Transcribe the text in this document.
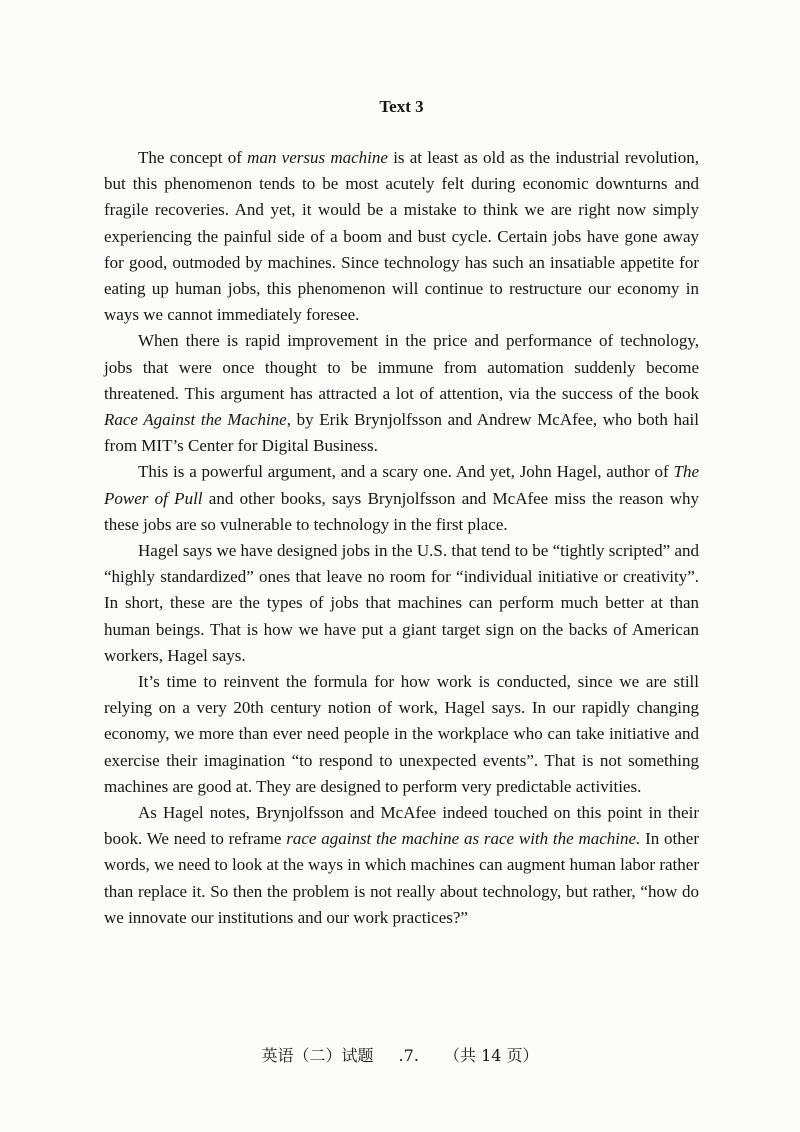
Text 3

The concept of man versus machine is at least as old as the industrial revolution, but this phenomenon tends to be most acutely felt during economic downturns and fragile recoveries. And yet, it would be a mistake to think we are right now simply experiencing the painful side of a boom and bust cycle. Certain jobs have gone away for good, outmoded by machines. Since technology has such an insatiable appetite for eating up human jobs, this phenomenon will continue to restructure our economy in ways we cannot immediately foresee.

When there is rapid improvement in the price and performance of technology, jobs that were once thought to be immune from automation suddenly become threatened. This argument has attracted a lot of attention, via the success of the book Race Against the Machine, by Erik Brynjolfsson and Andrew McAfee, who both hail from MIT’s Center for Digital Business.

This is a powerful argument, and a scary one. And yet, John Hagel, author of The Power of Pull and other books, says Brynjolfsson and McAfee miss the reason why these jobs are so vulnerable to technology in the first place.

Hagel says we have designed jobs in the U.S. that tend to be “tightly scripted” and “highly standardized” ones that leave no room for “individual initiative or creativity”. In short, these are the types of jobs that machines can perform much better at than human beings. That is how we have put a giant target sign on the backs of American workers, Hagel says.

It’s time to reinvent the formula for how work is conducted, since we are still relying on a very 20th century notion of work, Hagel says. In our rapidly changing economy, we more than ever need people in the workplace who can take initiative and exercise their imagination “to respond to unexpected events”. That is not something machines are good at. They are designed to perform very predictable activities.

As Hagel notes, Brynjolfsson and McAfee indeed touched on this point in their book. We need to reframe race against the machine as race with the machine. In other words, we need to look at the ways in which machines can augment human labor rather than replace it. So then the problem is not really about technology, but rather, “how do we innovate our institutions and our work practices?”

英语（二）试题 .7. （共 14 页）
